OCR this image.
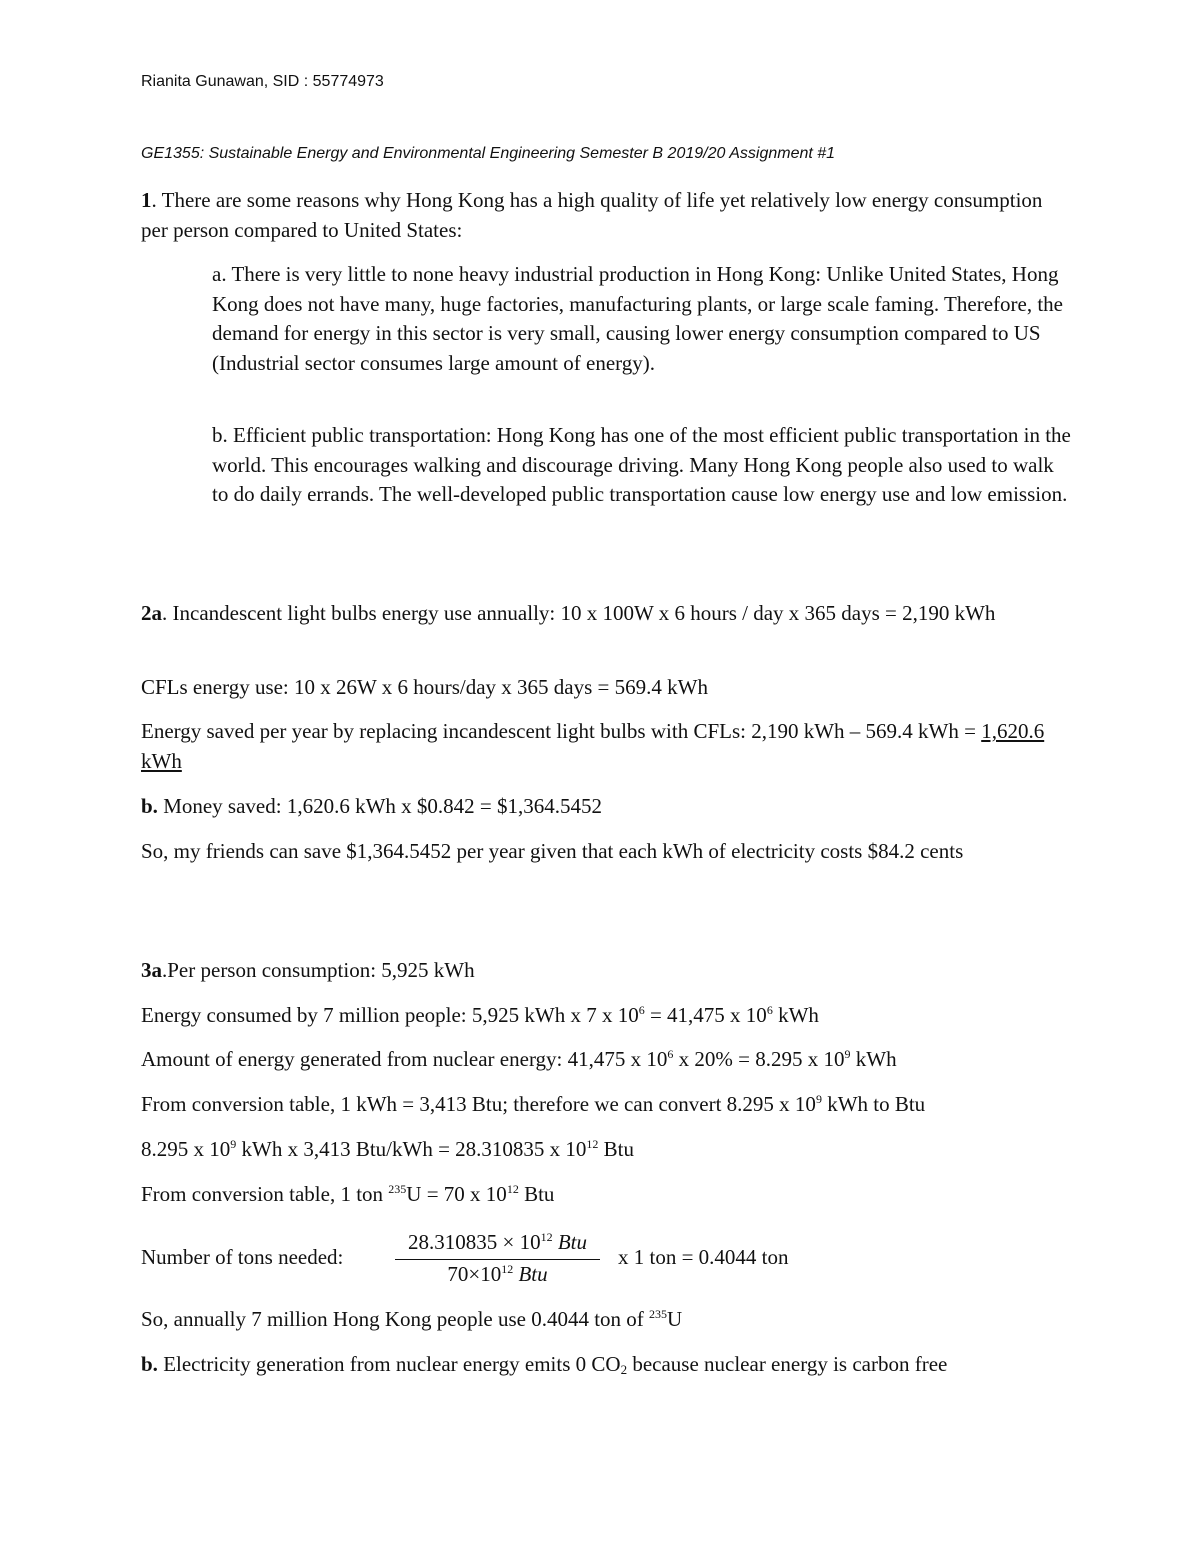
Rianita Gunawan, SID : 55774973

GE1355: Sustainable Energy and Environmental Engineering Semester B 2019/20 Assignment #1

1. There are some reasons why Hong Kong has a high quality of life yet relatively low energy consumption per person compared to United States:

a. There is very little to none heavy industrial production in Hong Kong: Unlike United States, Hong Kong does not have many, huge factories, manufacturing plants, or large scale faming. Therefore, the demand for energy in this sector is very small, causing lower energy consumption compared to US (Industrial sector consumes large amount of energy).

b. Efficient public transportation: Hong Kong has one of the most efficient public transportation in the world. This encourages walking and discourage driving. Many Hong Kong people also used to walk to do daily errands. The well-developed public transportation cause low energy use and low emission.

2a. Incandescent light bulbs energy use annually: 10 x 100W x 6 hours / day x 365 days = 2,190 kWh

CFLs energy use: 10 x 26W x 6 hours/day x 365 days = 569.4 kWh

Energy saved per year by replacing incandescent light bulbs with CFLs: 2,190 kWh – 569.4 kWh = 1,620.6 kWh

b. Money saved: 1,620.6 kWh x $0.842 = $1,364.5452

So, my friends can save $1,364.5452 per year given that each kWh of electricity costs $84.2 cents

3a.Per person consumption: 5,925 kWh

Energy consumed by 7 million people: 5,925 kWh x 7 x $10^6 = 41,475$ x $10^6$ kWh

Amount of energy generated from nuclear energy: 41,475 x $10^6$ x 20% = 8.295 x $10^9$ kWh

From conversion table, 1 kWh = 3,413 Btu; therefore we can convert 8.295 x $10^9$ kWh to Btu

8.295 x $10^9$ kWh x 3,413 Btu/kWh = 28.310835 x $10^{12}$ Btu

From conversion table, 1 ton $^{235}$U = 70 x $10^{12}$ Btu

Number of tons needed:

$28.310835 \times 10^{12}$ Btu
$70\times 10^{12}$ Btu

x 1 ton = 0.4044 ton

So, annually 7 million Hong Kong people use 0.4044 ton of $^{235}$U

b. Electricity generation from nuclear energy emits 0 $CO_2$ because nuclear energy is carbon free
